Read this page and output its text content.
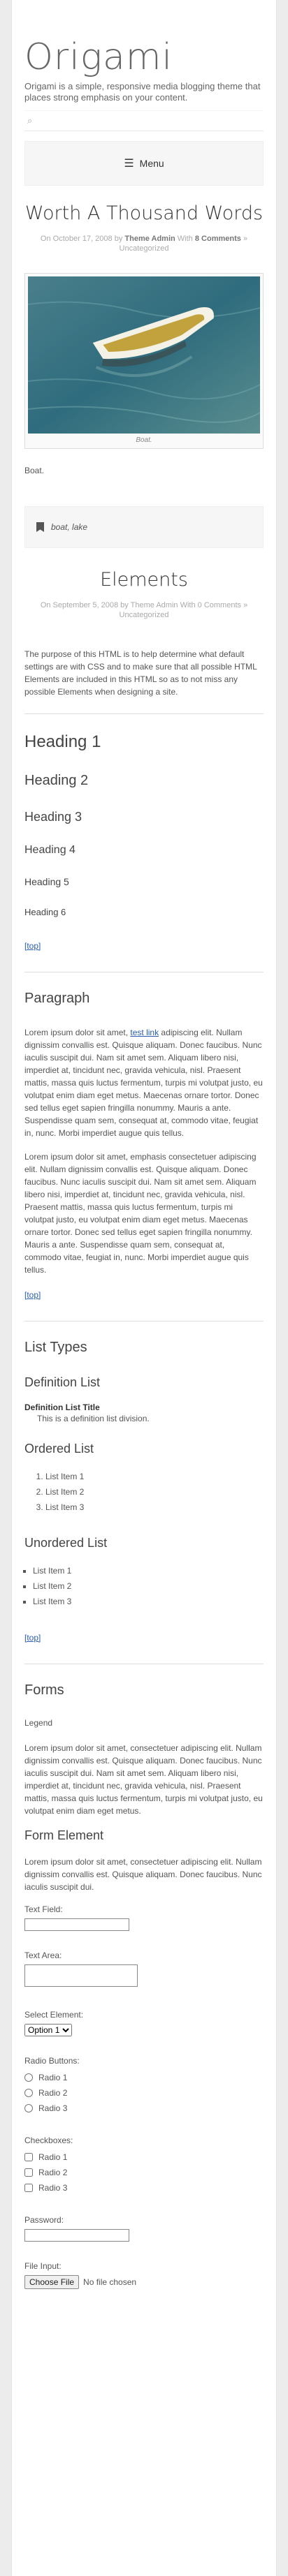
Origami

Origami is a simple, responsive media blogging theme that places strong emphasis on your content.

⌕
☰ Menu
Worth A Thousand Words
On October 17, 2008 by Theme Admin With 8 Comments »
Uncategorized
Boat.

Boat.

boat, lake
Elements
On September 5, 2008 by Theme Admin With 0 Comments »
Uncategorized

The purpose of this HTML is to help determine what default settings are with CSS and to make sure that all possible HTML Elements are included in this HTML so as to not miss any possible Elements when designing a site.

Heading 1
Heading 2
Heading 3
Heading 4
Heading 5
Heading 6
[top]
Paragraph

Lorem ipsum dolor sit amet, test link adipiscing elit. Nullam dignissim convallis est. Quisque aliquam. Donec faucibus. Nunc iaculis suscipit dui. Nam sit amet sem. Aliquam libero nisi, imperdiet at, tincidunt nec, gravida vehicula, nisl. Praesent mattis, massa quis luctus fermentum, turpis mi volutpat justo, eu volutpat enim diam eget metus. Maecenas ornare tortor. Donec sed tellus eget sapien fringilla nonummy. Mauris a ante. Suspendisse quam sem, consequat at, commodo vitae, feugiat in, nunc. Morbi imperdiet augue quis tellus.

Lorem ipsum dolor sit amet, emphasis consectetuer adipiscing elit. Nullam dignissim convallis est. Quisque aliquam. Donec faucibus. Nunc iaculis suscipit dui. Nam sit amet sem. Aliquam libero nisi, imperdiet at, tincidunt nec, gravida vehicula, nisl. Praesent mattis, massa quis luctus fermentum, turpis mi volutpat justo, eu volutpat enim diam eget metus. Maecenas ornare tortor. Donec sed tellus eget sapien fringilla nonummy. Mauris a ante. Suspendisse quam sem, consequat at, commodo vitae, feugiat in, nunc. Morbi imperdiet augue quis tellus.

[top]
List Types
Definition List
Definition List Title
This is a definition list division.
Ordered List
1. List Item 1
2. List Item 2
3. List Item 3
Unordered List
▪ List Item 1
▪ List Item 2
▪ List Item 3
[top]
Forms

Legend

Lorem ipsum dolor sit amet, consectetuer adipiscing elit. Nullam dignissim convallis est. Quisque aliquam. Donec faucibus. Nunc iaculis suscipit dui. Nam sit amet sem. Aliquam libero nisi, imperdiet at, tincidunt nec, gravida vehicula, nisl. Praesent mattis, massa quis luctus fermentum, turpis mi volutpat justo, eu volutpat enim diam eget metus.

Form Element

Lorem ipsum dolor sit amet, consectetuer adipiscing elit. Nullam dignissim convallis est. Quisque aliquam. Donec faucibus. Nunc iaculis suscipit dui.

Text Field:
Text Area:
Select Element:
Option 1
Radio Buttons:
Radio 1
Radio 2
Radio 3
Checkboxes:
Radio 1
Radio 2
Radio 3
Password:
File Input:
Choose File	No file chosen
